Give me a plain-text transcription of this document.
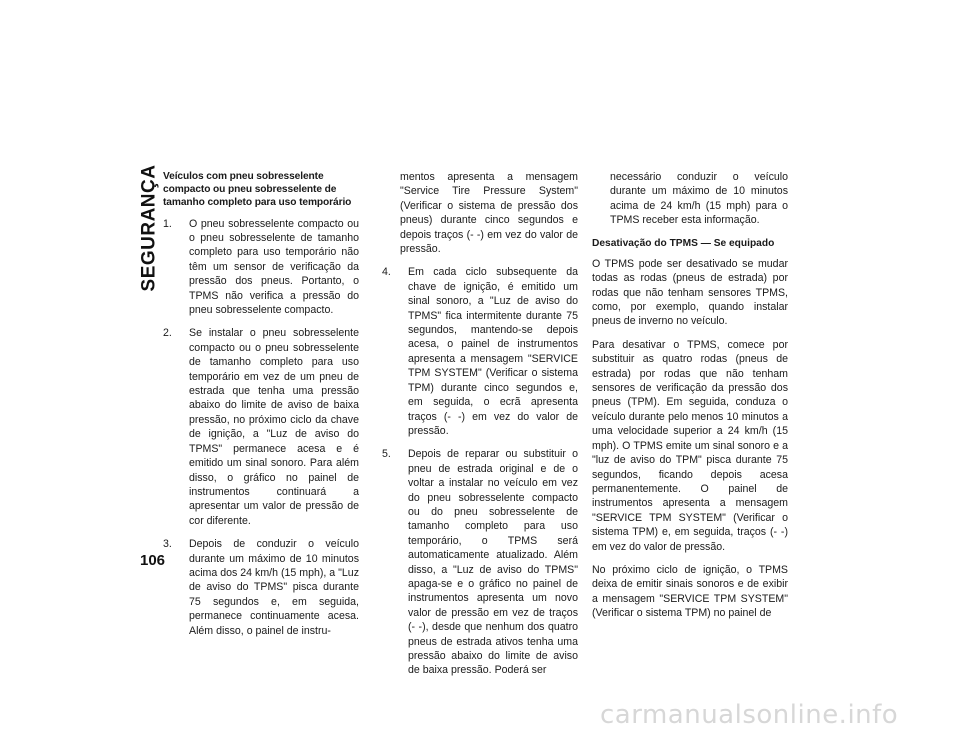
SEGURANÇA
106
Veículos com pneu sobresselente compacto ou pneu sobresselente de tamanho completo para uso temporário
1. O pneu sobresselente compacto ou o pneu sobresselente de tamanho completo para uso temporário não têm um sensor de verificação da pressão dos pneus. Portanto, o TPMS não verifica a pressão do pneu sobresselente compacto.
2. Se instalar o pneu sobresselente compacto ou o pneu sobresselente de tamanho completo para uso temporário em vez de um pneu de estrada que tenha uma pressão abaixo do limite de aviso de baixa pressão, no próximo ciclo da chave de ignição, a "Luz de aviso do TPMS" permanece acesa e é emitido um sinal sonoro. Para além disso, o gráfico no painel de instrumentos continuará a apresentar um valor de pressão de cor diferente.
3. Depois de conduzir o veículo durante um máximo de 10 minutos acima dos 24 km/h (15 mph), a "Luz de aviso do TPMS" pisca durante 75 segundos e, em seguida, permanece continuamente acesa. Além disso, o painel de instru-
mentos apresenta a mensagem "Service Tire Pressure System" (Verificar o sistema de pressão dos pneus) durante cinco segundos e depois traços (- -) em vez do valor de pressão.
4. Em cada ciclo subsequente da chave de ignição, é emitido um sinal sonoro, a "Luz de aviso do TPMS" fica intermitente durante 75 segundos, mantendo-se depois acesa, o painel de instrumentos apresenta a mensagem "SERVICE TPM SYSTEM" (Verificar o sistema TPM) durante cinco segundos e, em seguida, o ecrã apresenta traços (- -) em vez do valor de pressão.
5. Depois de reparar ou substituir o pneu de estrada original e de o voltar a instalar no veículo em vez do pneu sobresselente compacto ou do pneu sobresselente de tamanho completo para uso temporário, o TPMS será automaticamente atualizado. Além disso, a "Luz de aviso do TPMS" apaga-se e o gráfico no painel de instrumentos apresenta um novo valor de pressão em vez de traços (- -), desde que nenhum dos quatro pneus de estrada ativos tenha uma pressão abaixo do limite de aviso de baixa pressão. Poderá ser
necessário conduzir o veículo durante um máximo de 10 minutos acima de 24 km/h (15 mph) para o TPMS receber esta informação.
Desativação do TPMS — Se equipado

O TPMS pode ser desativado se mudar todas as rodas (pneus de estrada) por rodas que não tenham sensores TPMS, como, por exemplo, quando instalar pneus de inverno no veículo.

Para desativar o TPMS, comece por substituir as quatro rodas (pneus de estrada) por rodas que não tenham sensores de verificação da pressão dos pneus (TPM). Em seguida, conduza o veículo durante pelo menos 10 minutos a uma velocidade superior a 24 km/h (15 mph). O TPMS emite um sinal sonoro e a "luz de aviso do TPM" pisca durante 75 segundos, ficando depois acesa permanentemente. O painel de instrumentos apresenta a mensagem "SERVICE TPM SYSTEM" (Verificar o sistema TPM) e, em seguida, traços (- -) em vez do valor de pressão.

No próximo ciclo de ignição, o TPMS deixa de emitir sinais sonoros e de exibir a mensagem "SERVICE TPM SYSTEM" (Verificar o sistema TPM) no painel de

carmanualsonline.info
